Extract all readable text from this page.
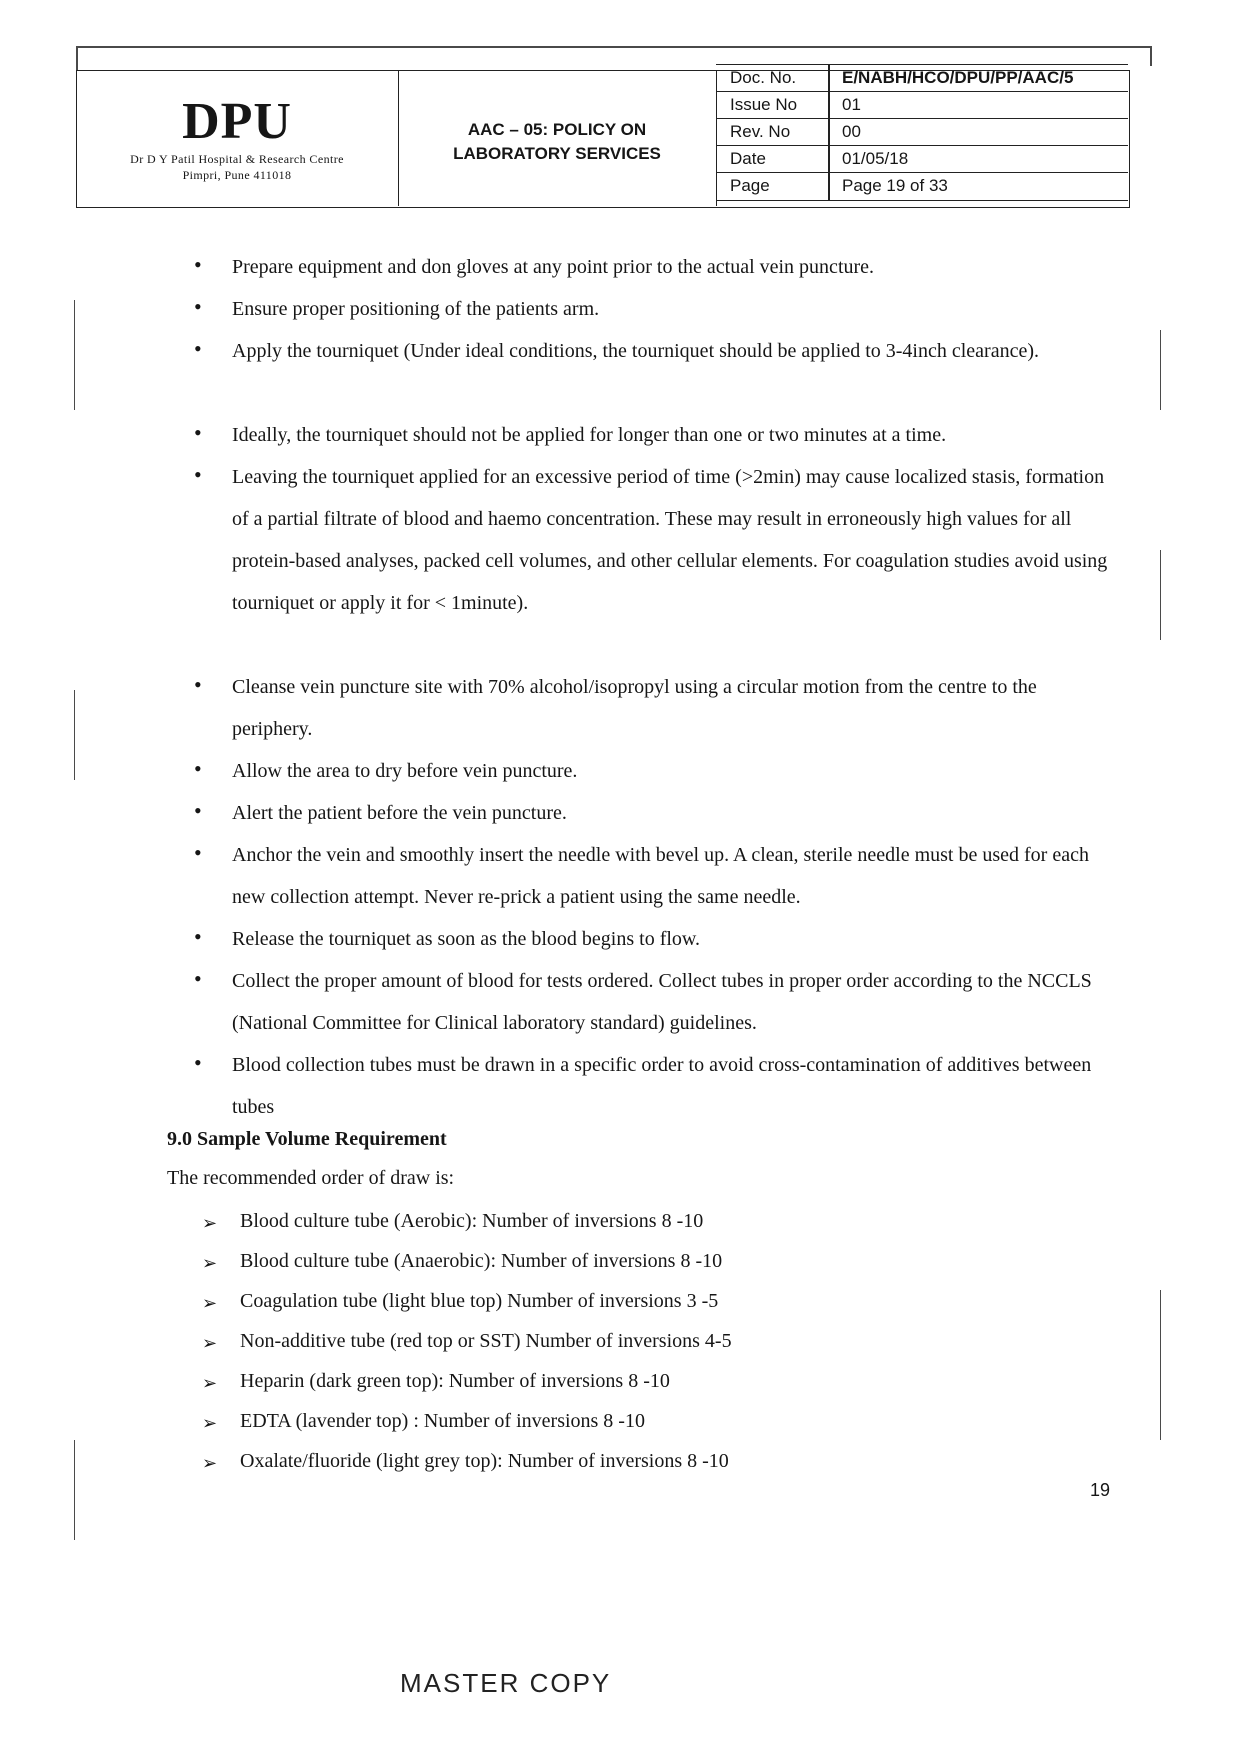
DPU
Dr D Y Patil Hospital & Research Centre
Pimpri, Pune 411018
AAC – 05: POLICY ON
LABORATORY SERVICES
Doc. No.	E/NABH/HCO/DPU/PP/AAC/5
Issue No	01
Rev. No	00
Date	01/05/18
Page	Page 19 of 33
• Prepare equipment and don gloves at any point prior to the actual vein puncture.
• Ensure proper positioning of the patients arm.
• Apply the tourniquet (Under ideal conditions, the tourniquet should be applied to 3-4inch clearance).
• Ideally, the tourniquet should not be applied for longer than one or two minutes at a time.
• Leaving the tourniquet applied for an excessive period of time (>2min) may cause localized stasis, formation of a partial filtrate of blood and haemo concentration. These may result in erroneously high values for all protein-based analyses, packed cell volumes, and other cellular elements. For coagulation studies avoid using tourniquet or apply it for < 1minute).
• Cleanse vein puncture site with 70% alcohol/isopropyl using a circular motion from the centre to the periphery.
• Allow the area to dry before vein puncture.
• Alert the patient before the vein puncture.
• Anchor the vein and smoothly insert the needle with bevel up. A clean, sterile needle must be used for each new collection attempt. Never re-prick a patient using the same needle.
• Release the tourniquet as soon as the blood begins to flow.
• Collect the proper amount of blood for tests ordered. Collect tubes in proper order according to the NCCLS (National Committee for Clinical laboratory standard) guidelines.
• Blood collection tubes must be drawn in a specific order to avoid cross-contamination of additives between tubes
9.0 Sample Volume Requirement
The recommended order of draw is:
➢ Blood culture tube (Aerobic): Number of inversions 8 -10
➢ Blood culture tube (Anaerobic): Number of inversions 8 -10
➢ Coagulation tube (light blue top) Number of inversions 3 -5
➢ Non-additive tube (red top or SST) Number of inversions 4-5
➢ Heparin (dark green top): Number of inversions 8 -10
➢ EDTA (lavender top) : Number of inversions 8 -10
➢ Oxalate/fluoride (light grey top): Number of inversions 8 -10
19
MASTER COPY
